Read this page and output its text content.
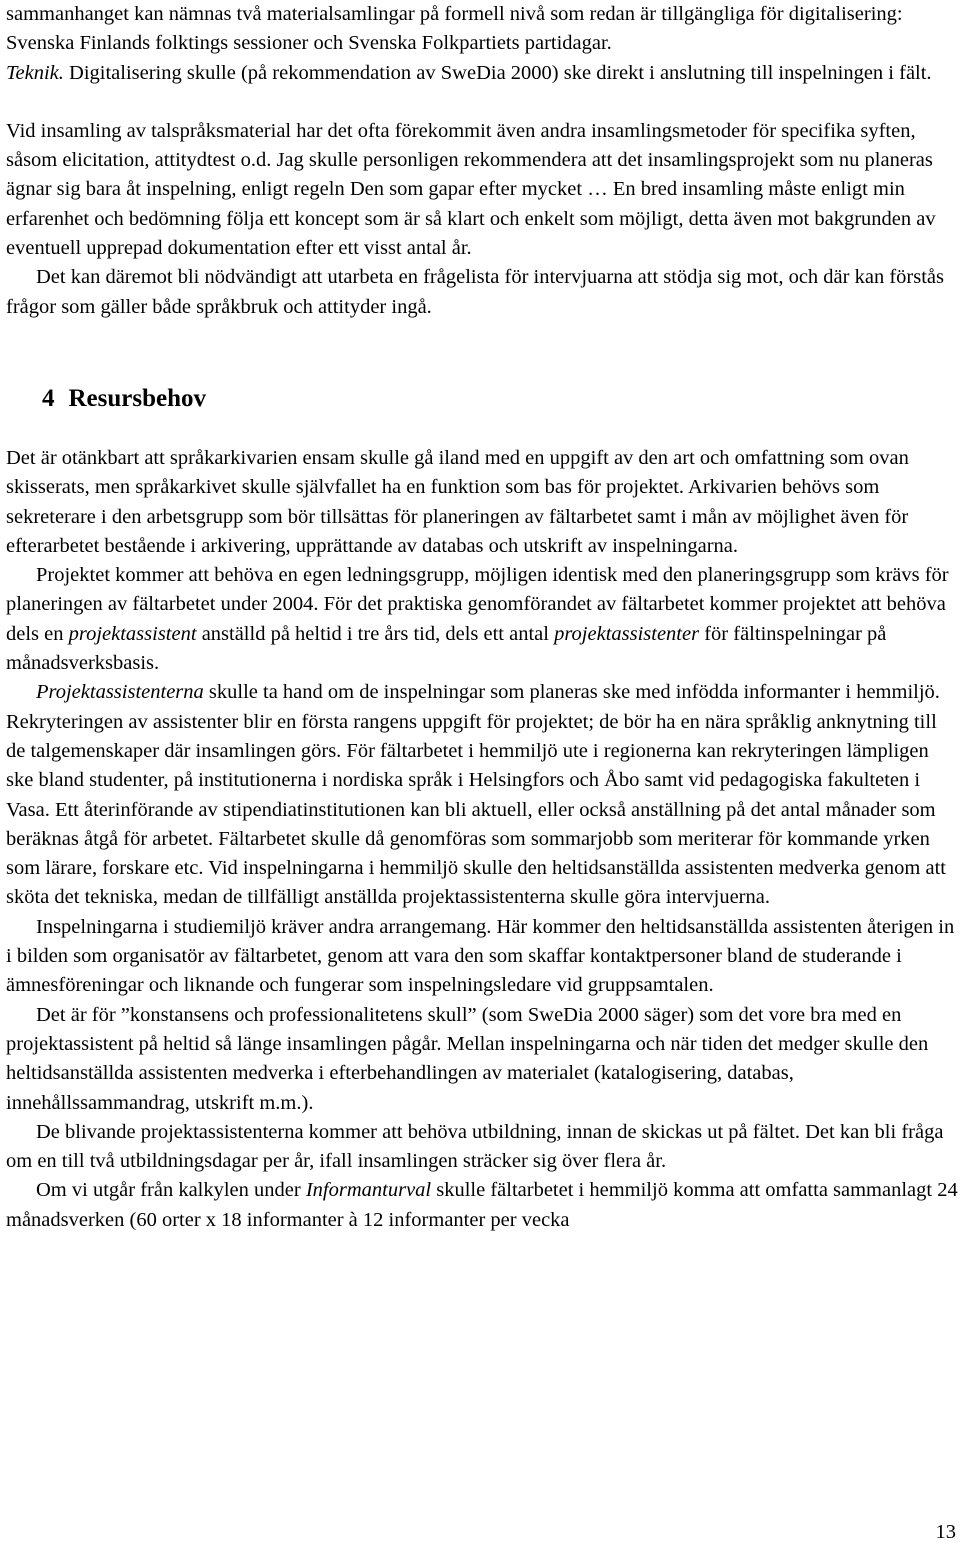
sammanhanget kan nämnas två materialsamlingar på formell nivå som redan är tillgängliga för digitalisering: Svenska Finlands folktings sessioner och Svenska Folkpartiets partidagar.

Teknik. Digitalisering skulle (på rekommendation av SweDia 2000) ske direkt i anslutning till inspelningen i fält.

Vid insamling av talspråksmaterial har det ofta förekommit även andra insamlingsmetoder för specifika syften, såsom elicitation, attitydtest o.d. Jag skulle personligen rekommendera att det insamlingsprojekt som nu planeras ägnar sig bara åt inspelning, enligt regeln Den som gapar efter mycket … En bred insamling måste enligt min erfarenhet och bedömning följa ett koncept som är så klart och enkelt som möjligt, detta även mot bakgrunden av eventuell upprepad dokumentation efter ett visst antal år.

Det kan däremot bli nödvändigt att utarbeta en frågelista för intervjuarna att stödja sig mot, och där kan förstås frågor som gäller både språkbruk och attityder ingå.

4 Resursbehov

Det är otänkbart att språkarkivarien ensam skulle gå iland med en uppgift av den art och omfattning som ovan skisserats, men språkarkivet skulle självfallet ha en funktion som bas för projektet. Arkivarien behövs som sekreterare i den arbetsgrupp som bör tillsättas för planeringen av fältarbetet samt i mån av möjlighet även för efterarbetet bestående i arkivering, upprättande av databas och utskrift av inspelningarna.

Projektet kommer att behöva en egen ledningsgrupp, möjligen identisk med den planeringsgrupp som krävs för planeringen av fältarbetet under 2004. För det praktiska genomförandet av fältarbetet kommer projektet att behöva dels en projektassistent anställd på heltid i tre års tid, dels ett antal projektassistenter för fältinspelningar på månadsverksbasis.

Projektassistenterna skulle ta hand om de inspelningar som planeras ske med infödda informanter i hemmiljö. Rekryteringen av assistenter blir en första rangens uppgift för projektet; de bör ha en nära språklig anknytning till de talgemenskaper där insamlingen görs. För fältarbetet i hemmiljö ute i regionerna kan rekryteringen lämpligen ske bland studenter, på institutionerna i nordiska språk i Helsingfors och Åbo samt vid pedagogiska fakulteten i Vasa. Ett återinförande av stipendiatinstitutionen kan bli aktuell, eller också anställning på det antal månader som beräknas åtgå för arbetet. Fältarbetet skulle då genomföras som sommarjobb som meriterar för kommande yrken som lärare, forskare etc. Vid inspelningarna i hemmiljö skulle den heltidsanställda assistenten medverka genom att sköta det tekniska, medan de tillfälligt anställda projektassistenterna skulle göra intervjuerna.

Inspelningarna i studiemiljö kräver andra arrangemang. Här kommer den heltidsanställda assistenten återigen in i bilden som organisatör av fältarbetet, genom att vara den som skaffar kontaktpersoner bland de studerande i ämnesföreningar och liknande och fungerar som inspelningsledare vid gruppsamtalen.

Det är för ”konstansens och professionalitetens skull” (som SweDia 2000 säger) som det vore bra med en projektassistent på heltid så länge insamlingen pågår. Mellan inspelningarna och när tiden det medger skulle den heltidsanställda assistenten medverka i efterbehandlingen av materialet (katalogisering, databas, innehållssammandrag, utskrift m.m.).

De blivande projektassistenterna kommer att behöva utbildning, innan de skickas ut på fältet. Det kan bli fråga om en till två utbildningsdagar per år, ifall insamlingen sträcker sig över flera år.

Om vi utgår från kalkylen under Informanturval skulle fältarbetet i hemmiljö komma att omfatta sammanlagt 24 månadsverken (60 orter x 18 informanter à 12 informanter per vecka

13
